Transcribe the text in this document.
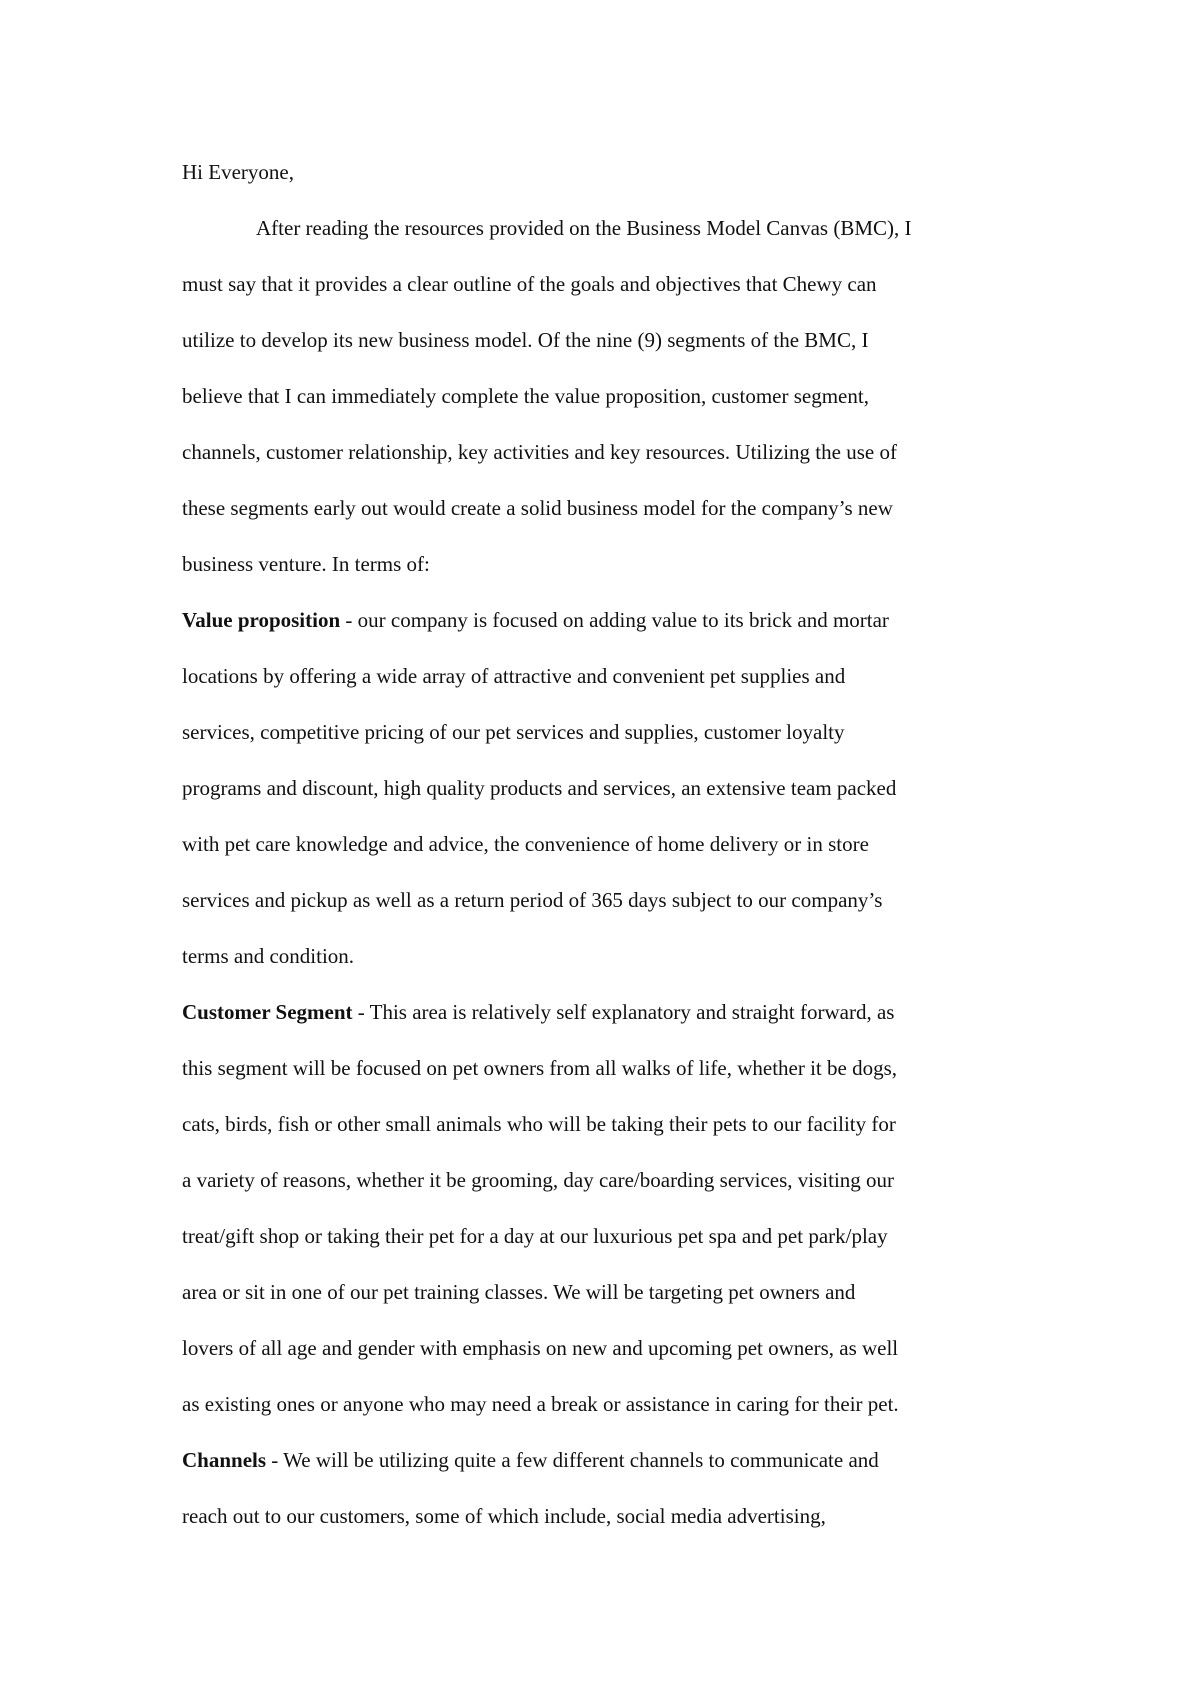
Hi Everyone,
After reading the resources provided on the Business Model Canvas (BMC), I
must say that it provides a clear outline of the goals and objectives that Chewy can
utilize to develop its new business model. Of the nine (9) segments of the BMC, I
believe that I can immediately complete the value proposition, customer segment,
channels, customer relationship, key activities and key resources. Utilizing the use of
these segments early out would create a solid business model for the company’s new
business venture. In terms of:
Value proposition - our company is focused on adding value to its brick and mortar
locations by offering a wide array of attractive and convenient pet supplies and
services, competitive pricing of our pet services and supplies, customer loyalty
programs and discount, high quality products and services, an extensive team packed
with pet care knowledge and advice, the convenience of home delivery or in store
services and pickup as well as a return period of 365 days subject to our company’s
terms and condition.
Customer Segment - This area is relatively self explanatory and straight forward, as
this segment will be focused on pet owners from all walks of life, whether it be dogs,
cats, birds, fish or other small animals who will be taking their pets to our facility for
a variety of reasons, whether it be grooming, day care/boarding services, visiting our
treat/gift shop or taking their pet for a day at our luxurious pet spa and pet park/play
area or sit in one of our pet training classes. We will be targeting pet owners and
lovers of all age and gender with emphasis on new and upcoming pet owners, as well
as existing ones or anyone who may need a break or assistance in caring for their pet.
Channels - We will be utilizing quite a few different channels to communicate and
reach out to our customers, some of which include, social media advertising,
